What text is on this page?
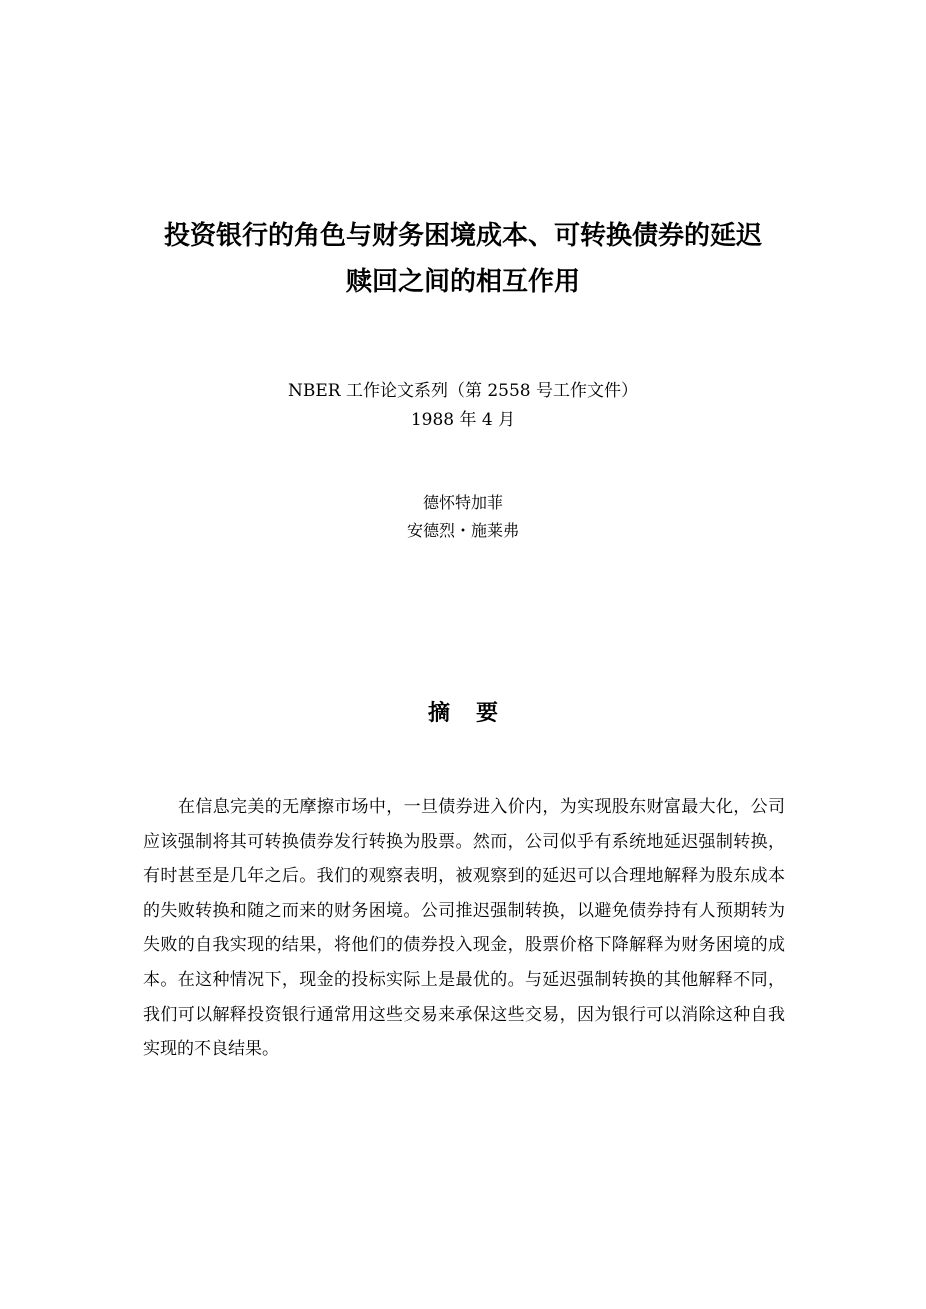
投资银行的角色与财务困境成本、可转换债券的延迟
赎回之间的相互作用
NBER 工作论文系列（第 2558 号工作文件）
1988 年 4 月
德怀特加菲
安德烈・施莱弗
摘要

在信息完美的无摩擦市场中，一旦债券进入价内，为实现股东财富最大化，公司应该强制将其可转换债券发行转换为股票。然而，公司似乎有系统地延迟强制转换，有时甚至是几年之后。我们的观察表明，被观察到的延迟可以合理地解释为股东成本的失败转换和随之而来的财务困境。公司推迟强制转换，以避免债券持有人预期转为失败的自我实现的结果，将他们的债券投入现金，股票价格下降解释为财务困境的成本。在这种情况下，现金的投标实际上是最优的。与延迟强制转换的其他解释不同，我们可以解释投资银行通常用这些交易来承保这些交易，因为银行可以消除这种自我实现的不良结果。
